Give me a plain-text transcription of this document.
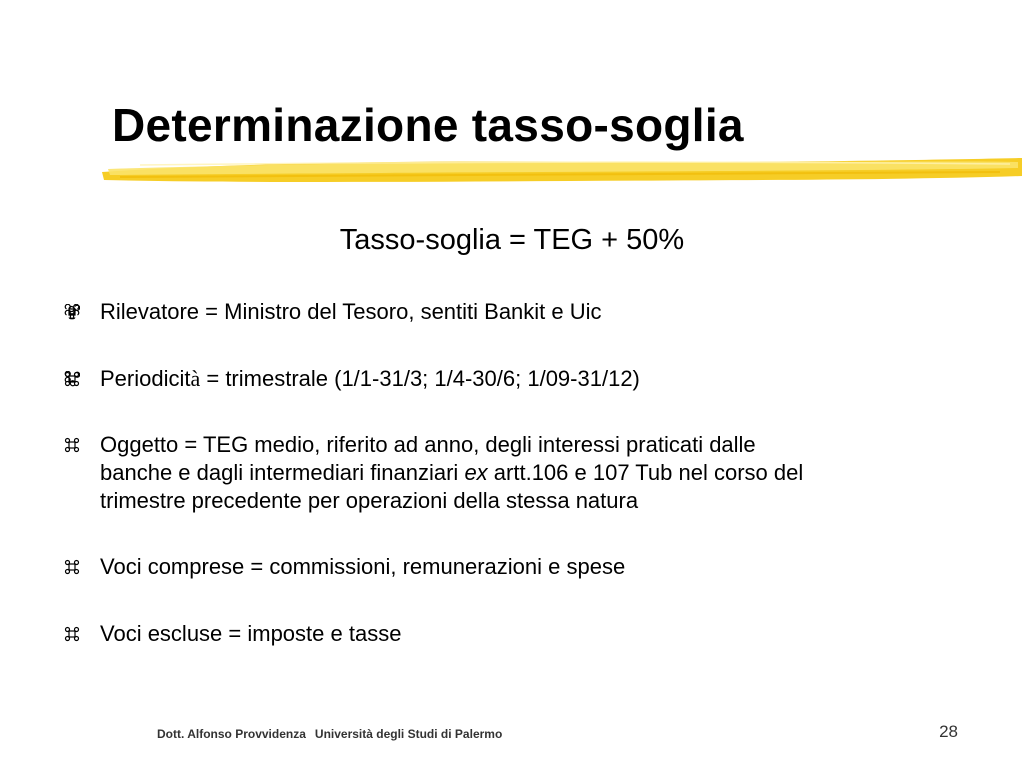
Determinazione tasso-soglia

Tasso-soglia = TEG + 50%

Rilevatore = Ministro del Tesoro, sentiti Bankit e Uic
Periodicità = trimestrale (1/1-31/3; 1/4-30/6; 1/09-31/12)
Oggetto = TEG medio, riferito ad anno, degli interessi praticati dalle
banche e dagli intermediari finanziari ex artt.106 e 107 Tub nel corso del
trimestre precedente per operazioni della stessa natura
Voci comprese = commissioni, remunerazioni e spese
Voci escluse = imposte e tasse
Dott. Alfonso Provvidenza Università degli Studi di Palermo	28
